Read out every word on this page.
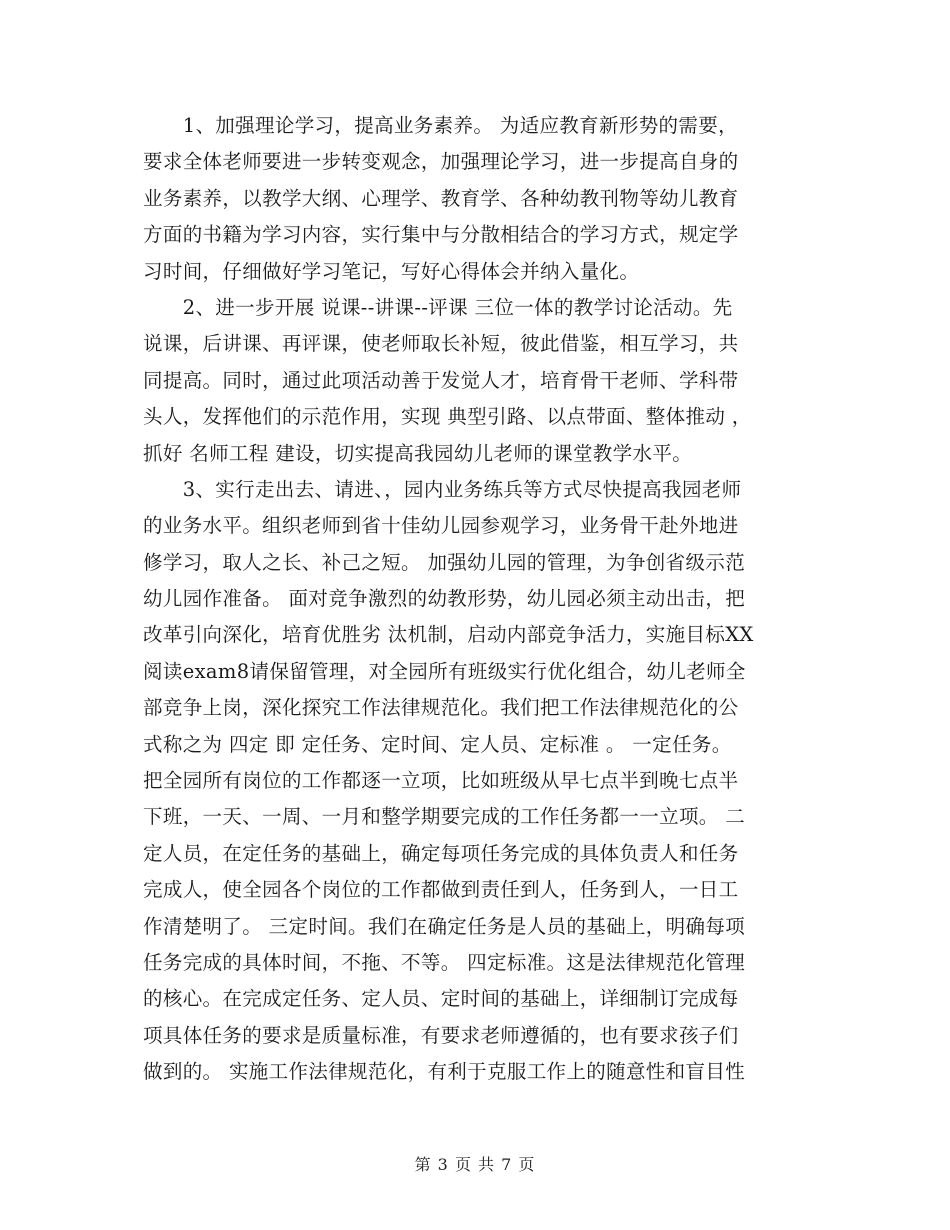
　　1、加强理论学习，提高业务素养。 为适应教育新形势的需要，
要求全体老师要进一步转变观念，加强理论学习，进一步提高自身的
业务素养，以教学大纲、心理学、教育学、各种幼教刊物等幼儿教育
方面的书籍为学习内容，实行集中与分散相结合的学习方式，规定学
习时间，仔细做好学习笔记，写好心得体会并纳入量化。
　　2、进一步开展 说课--讲课--评课 三位一体的教学讨论活动。先
说课，后讲课、再评课，使老师取长补短，彼此借鉴，相互学习，共
同提高。同时，通过此项活动善于发觉人才，培育骨干老师、学科带
头人，发挥他们的示范作用，实现 典型引路、以点带面、整体推动 ，
抓好 名师工程 建设，切实提高我园幼儿老师的课堂教学水平。
　　3、实行走出去、请进、，园内业务练兵等方式尽快提高我园老师
的业务水平。组织老师到省十佳幼儿园参观学习，业务骨干赴外地进
修学习，取人之长、补己之短。 加强幼儿园的管理，为争创省级示范
幼儿园作准备。 面对竞争激烈的幼教形势，幼儿园必须主动出击，把
改革引向深化，培育优胜劣 汰机制，启动内部竞争活力，实施目标XX
阅读exam8请保留管理，对全园所有班级实行优化组合，幼儿老师全
部竞争上岗，深化探究工作法律规范化。我们把工作法律规范化的公
式称之为 四定 即 定任务、定时间、定人员、定标准 。 一定任务。
把全园所有岗位的工作都逐一立项，比如班级从早七点半到晚七点半
下班，一天、一周、一月和整学期要完成的工作任务都一一立项。 二
定人员，在定任务的基础上，确定每项任务完成的具体负责人和任务
完成人，使全园各个岗位的工作都做到责任到人，任务到人，一日工
作清楚明了。 三定时间。我们在确定任务是人员的基础上，明确每项
任务完成的具体时间，不拖、不等。 四定标准。这是法律规范化管理
的核心。在完成定任务、定人员、定时间的基础上，详细制订完成每
项具体任务的要求是质量标准，有要求老师遵循的，也有要求孩子们
做到的。 实施工作法律规范化，有利于克服工作上的随意性和盲目性
第 3 页 共 7 页
